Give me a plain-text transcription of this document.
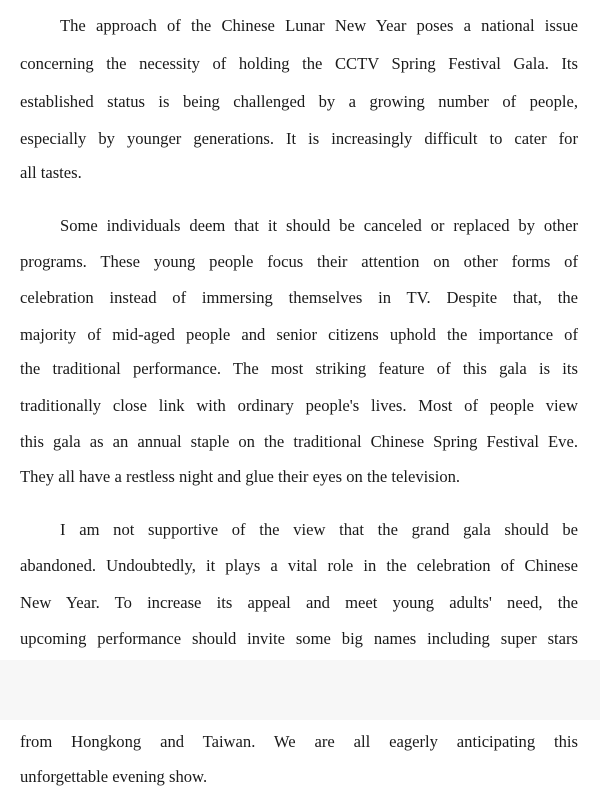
The approach of the Chinese Lunar New Year poses a national issue

concerning the necessity of holding the CCTV Spring Festival Gala. Its

established status is being challenged by a growing number of people,

especially by younger generations. It is increasingly difficult to cater for

all tastes.

Some individuals deem that it should be canceled or replaced by other

programs. These young people focus their attention on other forms of

celebration instead of immersing themselves in TV. Despite that, the

majority of mid-aged people and senior citizens uphold the importance of

the traditional performance. The most striking feature of this gala is its

traditionally close link with ordinary people's lives. Most of people view

this gala as an annual staple on the traditional Chinese Spring Festival Eve.

They all have a restless night and glue their eyes on the television.

I am not supportive of the view that the grand gala should be

abandoned. Undoubtedly, it plays a vital role in the celebration of Chinese

New Year. To increase its appeal and meet young adults' need, the

upcoming performance should invite some big names including super stars

from Hongkong and Taiwan. We are all eagerly anticipating this

unforgettable evening show.
